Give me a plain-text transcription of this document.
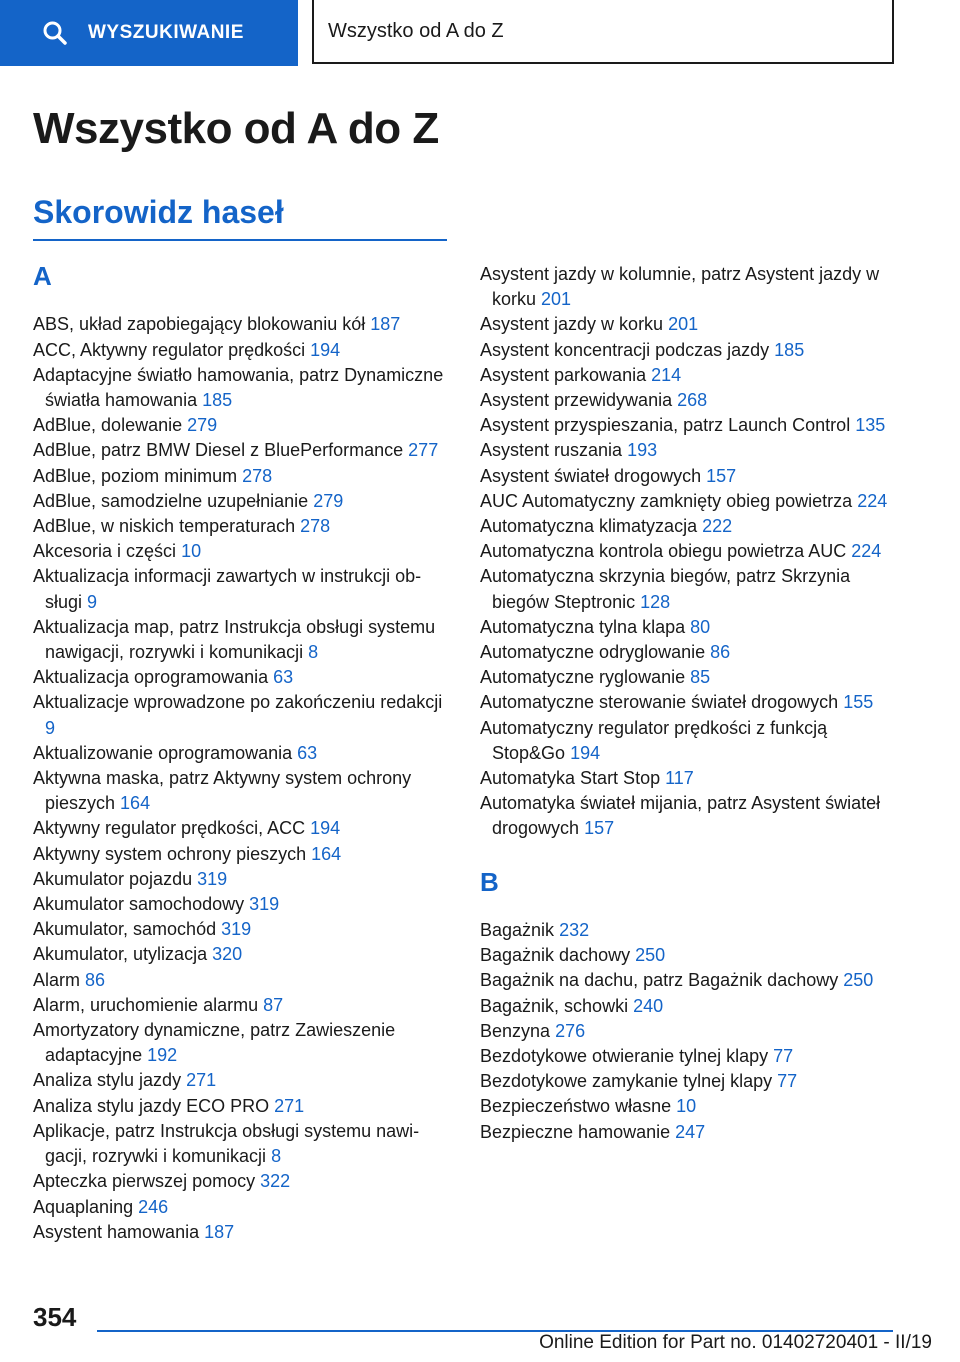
WYSZUKIWANIE	Wszystko od A do Z
Wszystko od A do Z
Skorowidz haseł
A
ABS, układ zapobiegający blokowaniu kół 187
ACC, Aktywny regulator prędkości 194
Adaptacyjne światło hamowania, patrz Dynamiczne światła hamowania 185
AdBlue, dolewanie 279
AdBlue, patrz BMW Diesel z BluePerformance 277
AdBlue, poziom minimum 278
AdBlue, samodzielne uzupełnianie 279
AdBlue, w niskich temperaturach 278
Akcesoria i części 10
Aktualizacja informacji zawartych w instrukcji obsługi 9
Aktualizacja map, patrz Instrukcja obsługi systemu nawigacji, rozrywki i komunikacji 8
Aktualizacja oprogramowania 63
Aktualizacje wprowadzone po zakończeniu redakcji 9
Aktualizowanie oprogramowania 63
Aktywna maska, patrz Aktywny system ochrony pieszych 164
Aktywny regulator prędkości, ACC 194
Aktywny system ochrony pieszych 164
Akumulator pojazdu 319
Akumulator samochodowy 319
Akumulator, samochód 319
Akumulator, utylizacja 320
Alarm 86
Alarm, uruchomienie alarmu 87
Amortyzatory dynamiczne, patrz Zawieszenie adaptacyjne 192
Analiza stylu jazdy 271
Analiza stylu jazdy ECO PRO 271
Aplikacje, patrz Instrukcja obsługi systemu nawigacji, rozrywki i komunikacji 8
Apteczka pierwszej pomocy 322
Aquaplaning 246
Asystent hamowania 187
Asystent jazdy w kolumnie, patrz Asystent jazdy w korku 201
Asystent jazdy w korku 201
Asystent koncentracji podczas jazdy 185
Asystent parkowania 214
Asystent przewidywania 268
Asystent przyspieszania, patrz Launch Control 135
Asystent ruszania 193
Asystent świateł drogowych 157
AUC Automatyczny zamknięty obieg powietrza 224
Automatyczna klimatyzacja 222
Automatyczna kontrola obiegu powietrza AUC 224
Automatyczna skrzynia biegów, patrz Skrzynia biegów Steptronic 128
Automatyczna tylna klapa 80
Automatyczne odryglowanie 86
Automatyczne ryglowanie 85
Automatyczne sterowanie świateł drogowych 155
Automatyczny regulator prędkości z funkcją Stop&Go 194
Automatyka Start Stop 117
Automatyka świateł mijania, patrz Asystent świateł drogowych 157
B
Bagażnik 232
Bagażnik dachowy 250
Bagażnik na dachu, patrz Bagażnik dachowy 250
Bagażnik, schowki 240
Benzyna 276
Bezdotykowe otwieranie tylnej klapy 77
Bezdotykowe zamykanie tylnej klapy 77
Bezpieczeństwo własne 10
Bezpieczne hamowanie 247
354
Online Edition for Part no. 01402720401 - II/19
